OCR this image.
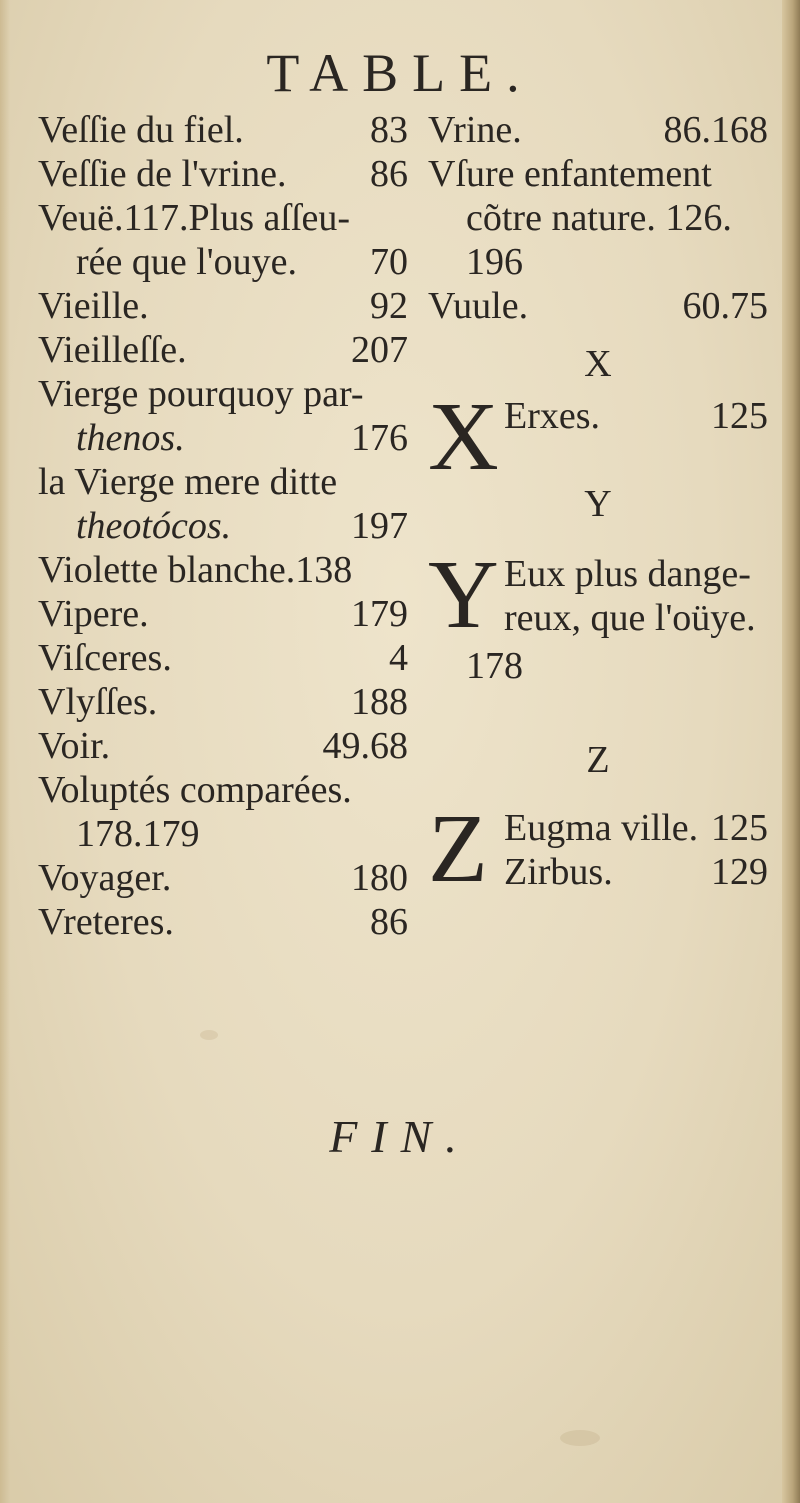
TABLE.
Veſſie du fiel.	83
Veſſie de l'vrine. 86
Veuë.117.Plus aſſeu-
rée que l'ouye. 70
Vieille.	92
Vieilleſſe.	207
Vierge pourquoy par-
thenos.	176
la Vierge mere ditte
theotócos.	197
Violette blanche.138
Vipere.	179
Viſceres.	4
Vlyſſes.	188
Voir.	49.68
Voluptés comparées.
178.179
Voyager.	180
Vreteres.	86
Vrine.	86.168
Vſure enfantement
cõtre nature. 126.
196
Vuule.	60.75
X
X Erxes.	125
Y
Y Eux plus dange-
reux, que l'oüye.
178
Z
Z Eugma ville. 125
Zirbus.	129
FIN.
